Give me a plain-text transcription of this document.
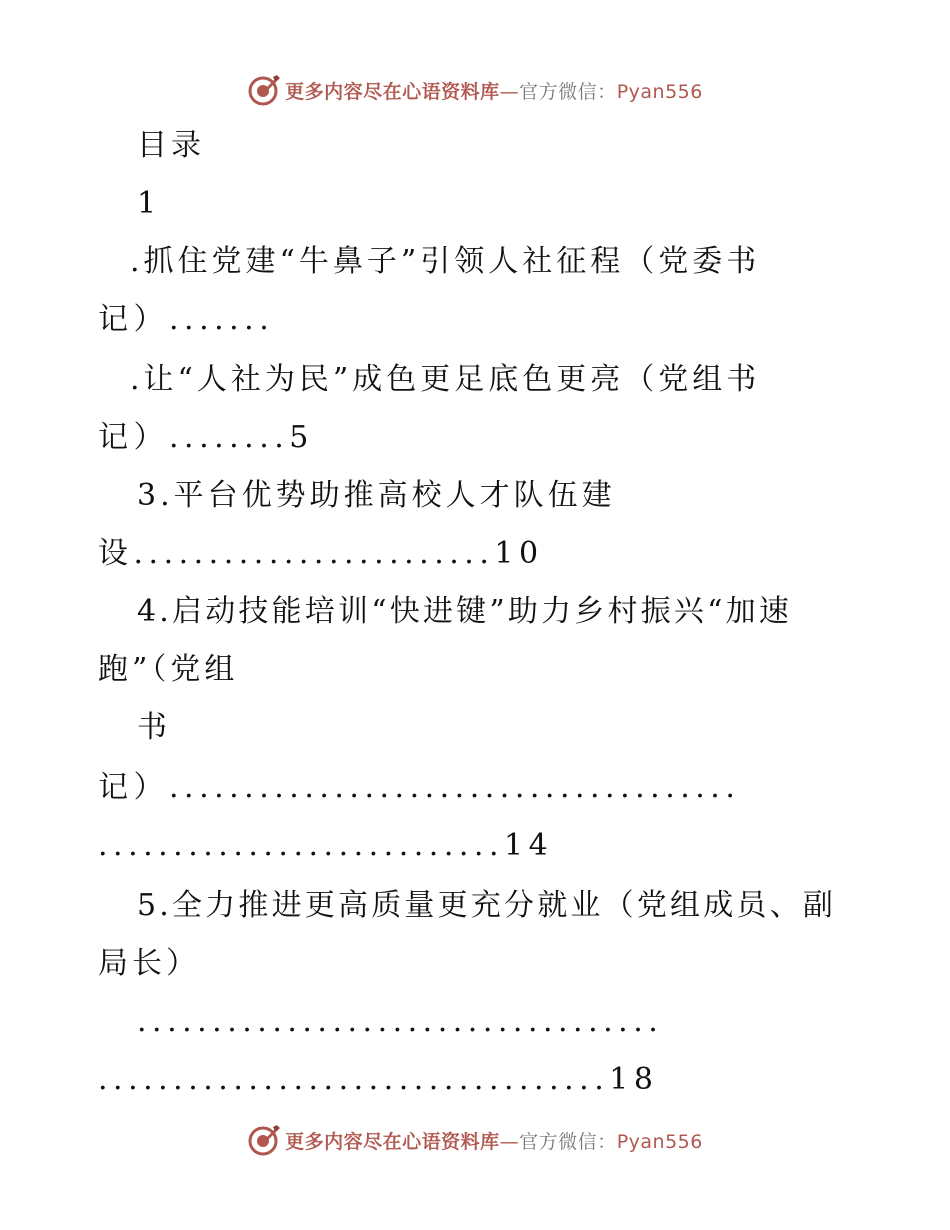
更多内容尽在心语资料库—官方微信：Pyan556
目录
1
.抓住党建“牛鼻子”引领人社征程（党委书
记）.......
.让“人社为民”成色更足底色更亮（党组书
记）........5
3.平台优势助推高校人才队伍建
设........................10
4.启动技能培训“快进键”助力乡村振兴“加速
跑”（党组
书
记）......................................
...........................14
5.全力推进更高质量更充分就业（党组成员、副
局长）
...................................
..................................18
更多内容尽在心语资料库—官方微信：Pyan556
